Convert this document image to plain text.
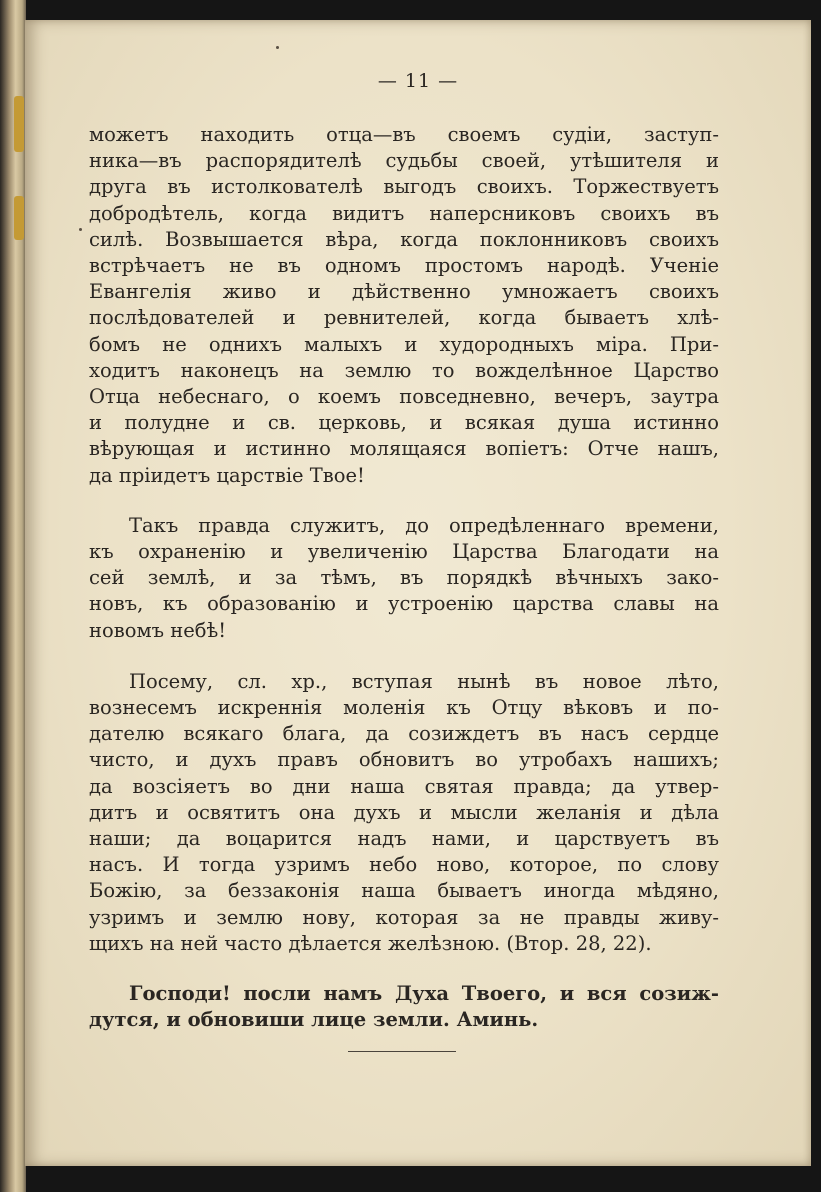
— 11 —

можетъ находить отца—въ своемъ судіи, заступ-
ника—въ распорядителѣ судьбы своей, утѣшителя и
друга въ истолкователѣ выгодъ своихъ. Торжествуетъ
добродѣтель, когда видитъ наперсниковъ своихъ въ
силѣ. Возвышается вѣра, когда поклонниковъ своихъ
встрѣчаетъ не въ одномъ простомъ народѣ. Ученіе
Евангелія живо и дѣйственно умножаетъ своихъ
послѣдователей и ревнителей, когда бываетъ хлѣ-
бомъ не однихъ малыхъ и худородныхъ міра. При-
ходитъ наконецъ на землю то вожделѣнное Царство
Отца небеснаго, о коемъ повседневно, вечеръ, заутра
и полудне и св. церковь, и всякая душа истинно
вѣрующая и истинно молящаяся вопіетъ: Отче нашъ,
да пріидетъ царствіе Твое!

Такъ правда служитъ, до опредѣленнаго времени,
къ охраненію и увеличенію Царства Благодати на
сей землѣ, и за тѣмъ, въ порядкѣ вѣчныхъ зако-
новъ, къ образованію и устроенію царства славы на
новомъ небѣ!

Посему, сл. хр., вступая нынѣ въ новое лѣто,
вознесемъ искреннія моленія къ Отцу вѣковъ и по-
дателю всякаго блага, да созиждетъ въ насъ сердце
чисто, и духъ правъ обновитъ во утробахъ нашихъ;
да возсіяетъ во дни наша святая правда; да утвер-
дитъ и освятитъ она духъ и мысли желанія и дѣла
наши; да воцарится надъ нами, и царствуетъ въ
насъ. И тогда узримъ небо ново, которое, по слову
Божію, за беззаконія наша бываетъ иногда мѣдяно,
узримъ и землю нову, которая за не правды живу-
щихъ на ней часто дѣлается желѣзною. (Втор. 28, 22).

Господи! посли намъ Духа Твоего, и вся созиж-
дутся, и обновиши лице земли. Аминь.
